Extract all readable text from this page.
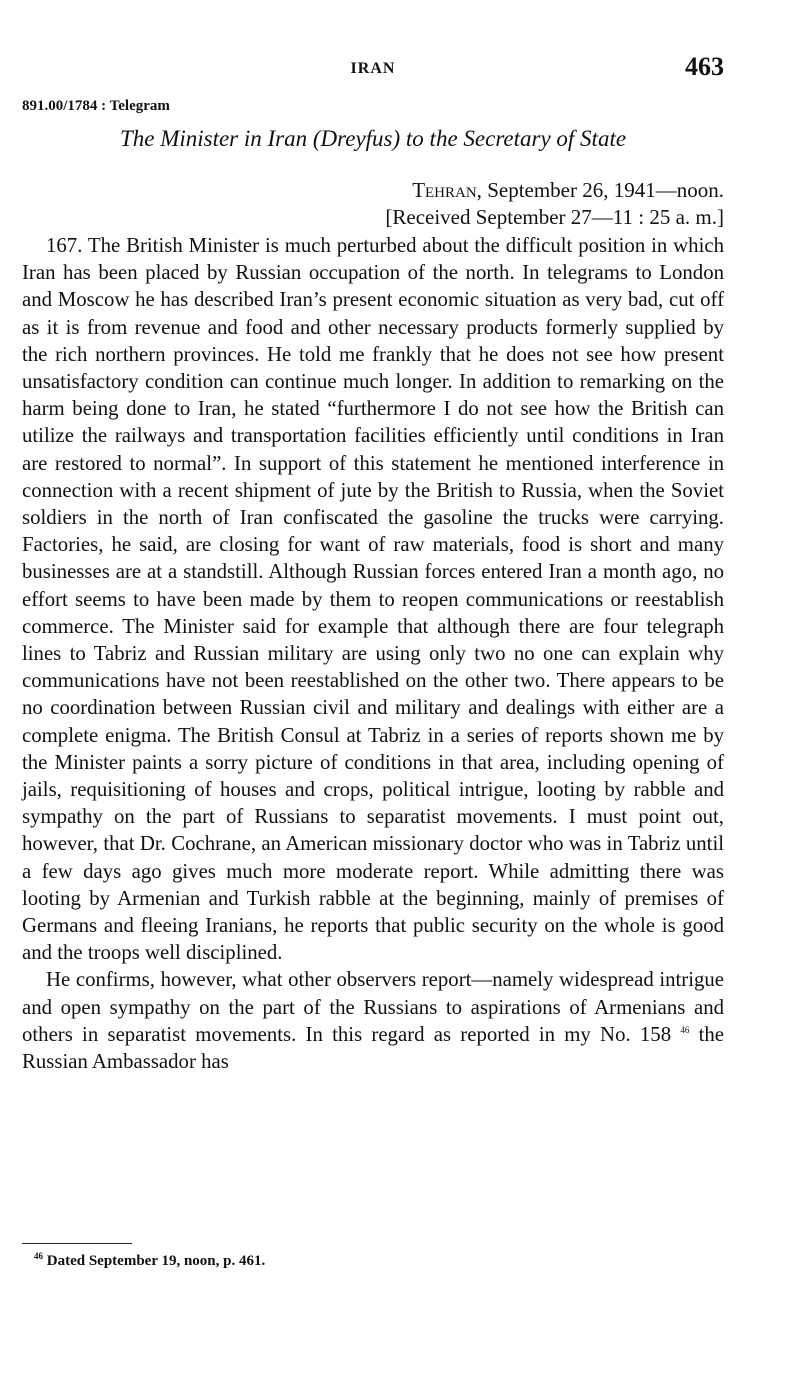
IRAN	463
891.00/1784 : Telegram
The Minister in Iran (Dreyfus) to the Secretary of State
Tehran, September 26, 1941—noon.
[Received September 27—11 : 25 a. m.]

167. The British Minister is much perturbed about the difficult position in which Iran has been placed by Russian occupation of the north. In telegrams to London and Moscow he has described Iran’s present economic situation as very bad, cut off as it is from revenue and food and other necessary products formerly supplied by the rich northern provinces. He told me frankly that he does not see how present unsatisfactory condition can continue much longer. In addition to remarking on the harm being done to Iran, he stated “furthermore I do not see how the British can utilize the railways and transportation facilities efficiently until conditions in Iran are restored to normal”. In support of this statement he mentioned interference in connection with a recent shipment of jute by the British to Russia, when the Soviet soldiers in the north of Iran confiscated the gasoline the trucks were carrying. Factories, he said, are closing for want of raw materials, food is short and many businesses are at a standstill. Although Russian forces entered Iran a month ago, no effort seems to have been made by them to reopen communications or reestablish commerce. The Minister said for example that although there are four telegraph lines to Tabriz and Russian military are using only two no one can explain why communications have not been reestablished on the other two. There appears to be no coordination between Russian civil and military and dealings with either are a complete enigma. The British Consul at Tabriz in a series of reports shown me by the Minister paints a sorry picture of conditions in that area, including opening of jails, requisitioning of houses and crops, political intrigue, looting by rabble and sympathy on the part of Russians to separatist movements. I must point out, however, that Dr. Cochrane, an American missionary doctor who was in Tabriz until a few days ago gives much more moderate report. While admitting there was looting by Armenian and Turkish rabble at the beginning, mainly of premises of Germans and fleeing Iranians, he reports that public security on the whole is good and the troops well disciplined.

He confirms, however, what other observers report—namely widespread intrigue and open sympathy on the part of the Russians to aspirations of Armenians and others in separatist movements. In this regard as reported in my No. 158 $^{46}$ the Russian Ambassador has

$^{46}$ Dated September 19, noon, p. 461.
